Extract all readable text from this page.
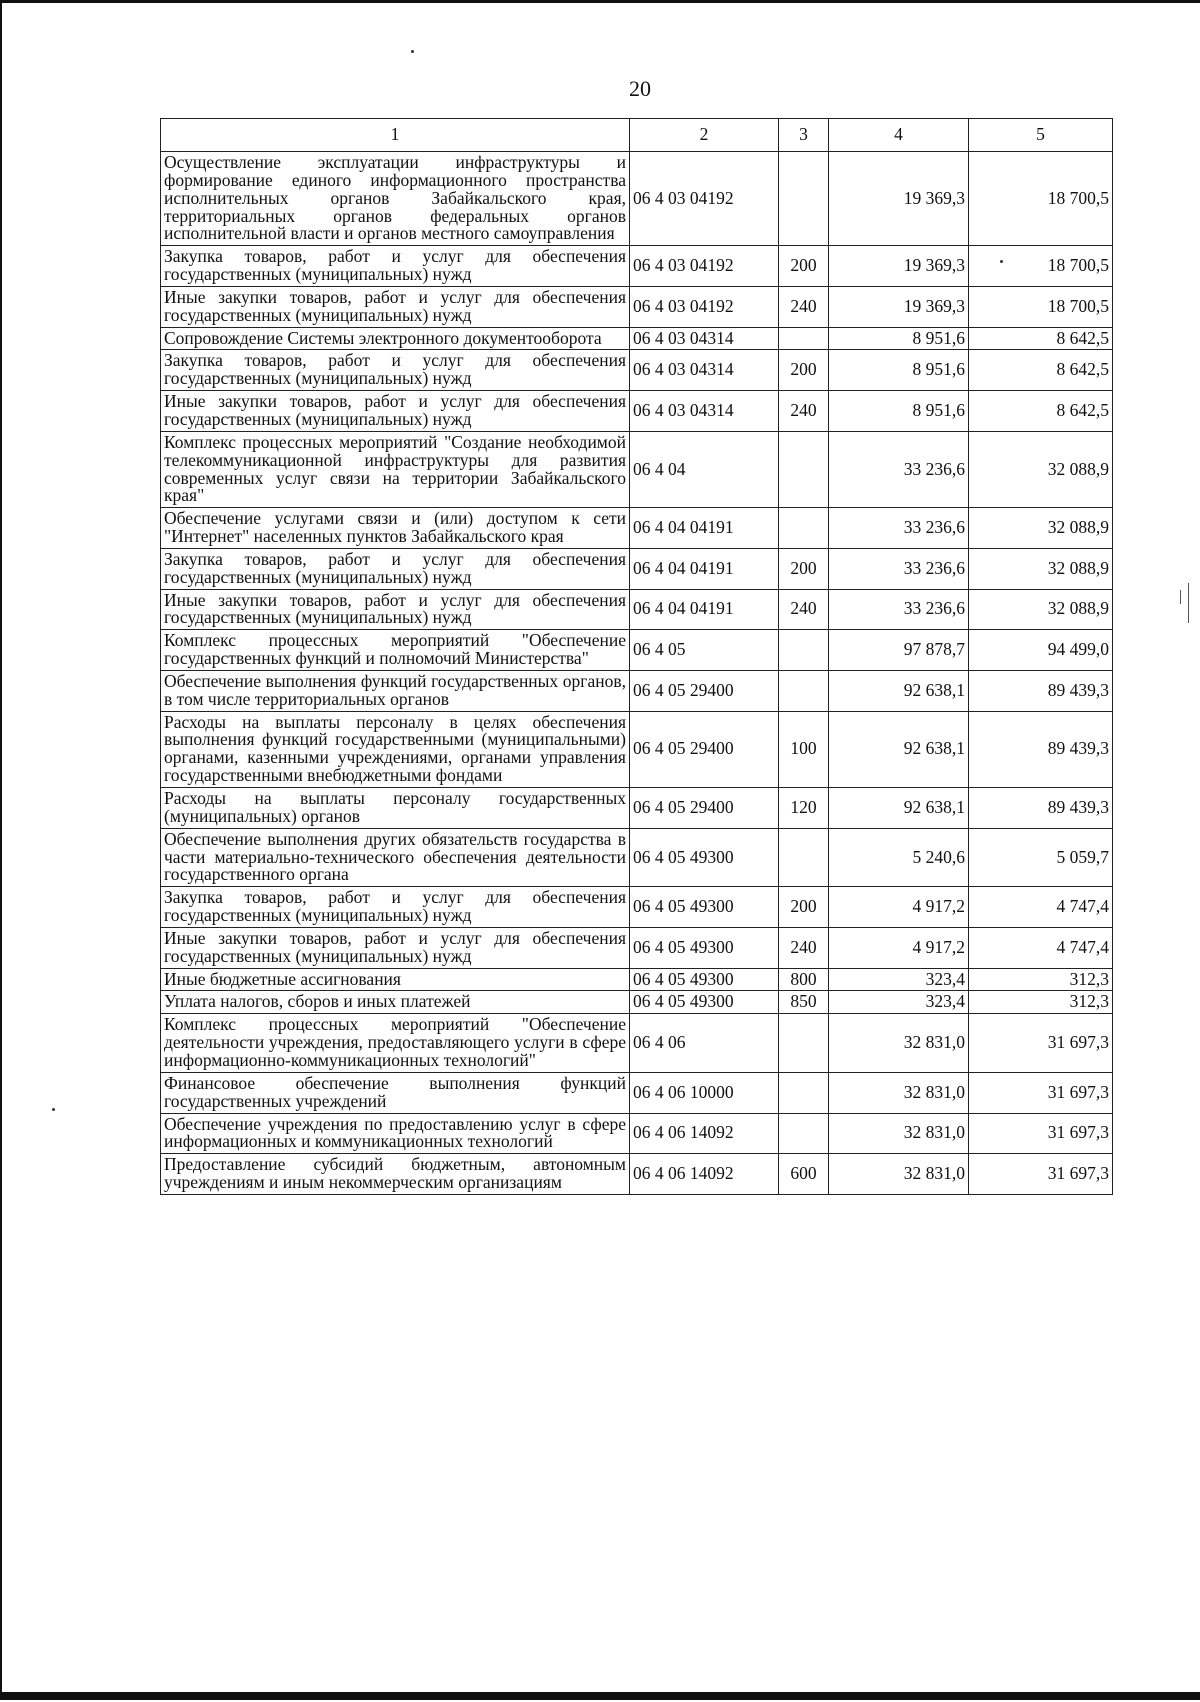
20
1	2	3	4	5
Осуществление эксплуатации инфраструктуры и формирование единого информационного пространства исполнительных органов Забайкальского края, территориальных органов федеральных органов исполнительной власти и органов местного самоуправления	06 4 03 04192		19 369,3	18 700,5
Закупка товаров, работ и услуг для обеспечения государственных (муниципальных) нужд	06 4 03 04192	200	19 369,3	18 700,5
Иные закупки товаров, работ и услуг для обеспечения государственных (муниципальных) нужд	06 4 03 04192	240	19 369,3	18 700,5
Сопровождение Системы электронного документооборота	06 4 03 04314		8 951,6	8 642,5
Закупка товаров, работ и услуг для обеспечения государственных (муниципальных) нужд	06 4 03 04314	200	8 951,6	8 642,5
Иные закупки товаров, работ и услуг для обеспечения государственных (муниципальных) нужд	06 4 03 04314	240	8 951,6	8 642,5
Комплекс процессных мероприятий "Создание необходимой телекоммуникационной инфраструктуры для развития современных услуг связи на территории Забайкальского края"	06 4 04		33 236,6	32 088,9
Обеспечение услугами связи и (или) доступом к сети "Интернет" населенных пунктов Забайкальского края	06 4 04 04191		33 236,6	32 088,9
Закупка товаров, работ и услуг для обеспечения государственных (муниципальных) нужд	06 4 04 04191	200	33 236,6	32 088,9
Иные закупки товаров, работ и услуг для обеспечения государственных (муниципальных) нужд	06 4 04 04191	240	33 236,6	32 088,9
Комплекс процессных мероприятий "Обеспечение государственных функций и полномочий Министерства"	06 4 05		97 878,7	94 499,0
Обеспечение выполнения функций государственных органов, в том числе территориальных органов	06 4 05 29400		92 638,1	89 439,3
Расходы на выплаты персоналу в целях обеспечения выполнения функций государственными (муниципальными) органами, казенными учреждениями, органами управления государственными внебюджетными фондами	06 4 05 29400	100	92 638,1	89 439,3
Расходы на выплаты персоналу государственных (муниципальных) органов	06 4 05 29400	120	92 638,1	89 439,3
Обеспечение выполнения других обязательств государства в части материально-технического обеспечения деятельности государственного органа	06 4 05 49300		5 240,6	5 059,7
Закупка товаров, работ и услуг для обеспечения государственных (муниципальных) нужд	06 4 05 49300	200	4 917,2	4 747,4
Иные закупки товаров, работ и услуг для обеспечения государственных (муниципальных) нужд	06 4 05 49300	240	4 917,2	4 747,4
Иные бюджетные ассигнования	06 4 05 49300	800	323,4	312,3
Уплата налогов, сборов и иных платежей	06 4 05 49300	850	323,4	312,3
Комплекс процессных мероприятий "Обеспечение деятельности учреждения, предоставляющего услуги в сфере информационно-коммуникационных технологий"	06 4 06		32 831,0	31 697,3
Финансовое обеспечение выполнения функций государственных учреждений	06 4 06 10000		32 831,0	31 697,3
Обеспечение учреждения по предоставлению услуг в сфере информационных и коммуникационных технологий	06 4 06 14092		32 831,0	31 697,3
Предоставление субсидий бюджетным, автономным учреждениям и иным некоммерческим организациям	06 4 06 14092	600	32 831,0	31 697,3
